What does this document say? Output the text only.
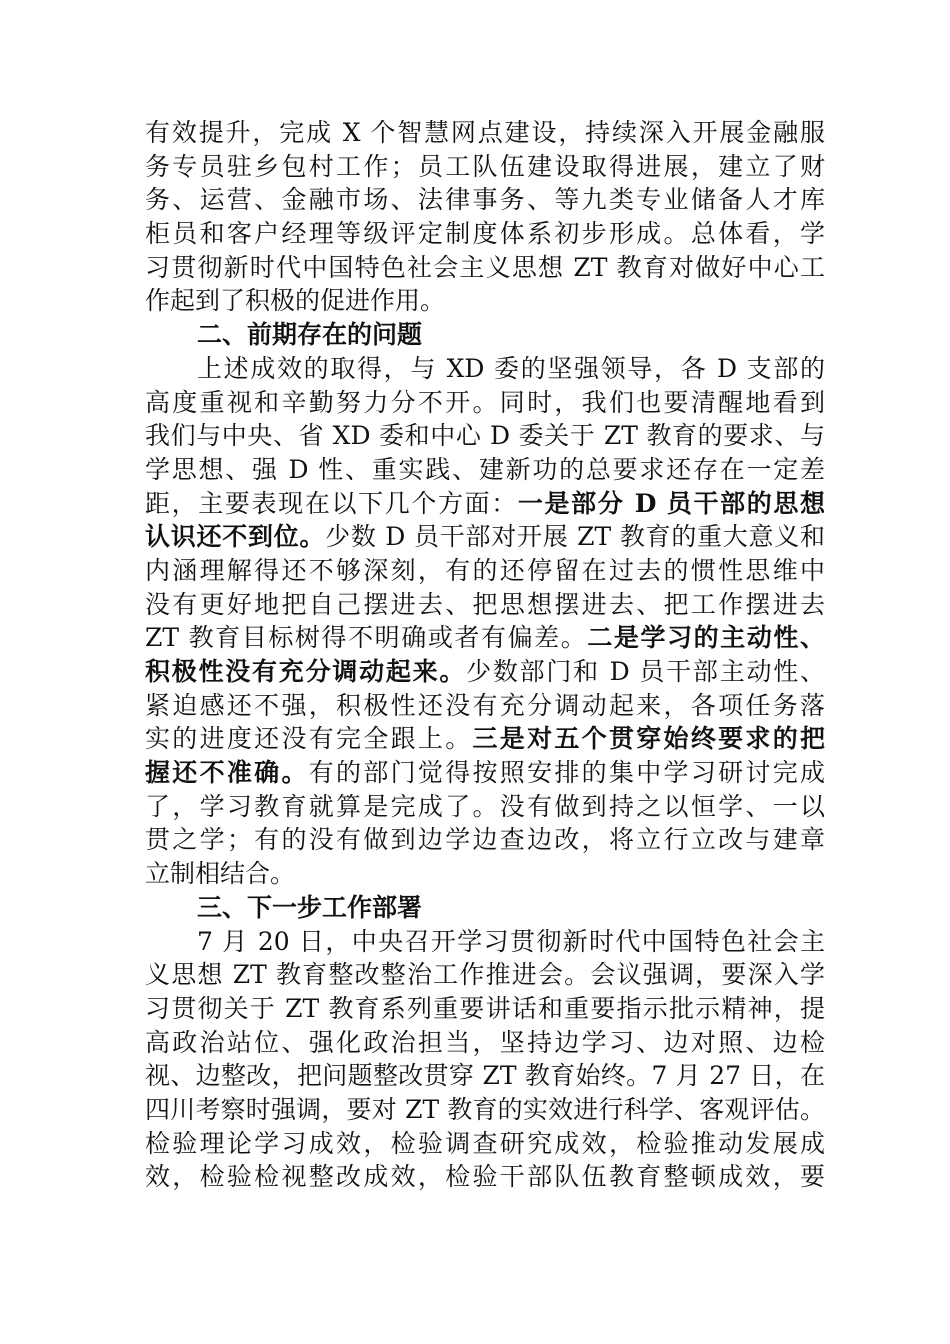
有效提升，完成 X 个智慧网点建设，持续深入开展金融服
务专员驻乡包村工作；员工队伍建设取得进展，建立了财
务、运营、金融市场、法律事务、等九类专业储备人才库
柜员和客户经理等级评定制度体系初步形成。总体看，学
习贯彻新时代中国特色社会主义思想 ZT 教育对做好中心工
作起到了积极的促进作用。
二、前期存在的问题
上述成效的取得，与 XD 委的坚强领导，各 D 支部的
高度重视和辛勤努力分不开。同时，我们也要清醒地看到
我们与中央、省 XD 委和中心 D 委关于 ZT 教育的要求、与
学思想、强 D 性、重实践、建新功的总要求还存在一定差
距，主要表现在以下几个方面：一是部分 D 员干部的思想
认识还不到位。少数 D 员干部对开展 ZT 教育的重大意义和
内涵理解得还不够深刻，有的还停留在过去的惯性思维中
没有更好地把自己摆进去、把思想摆进去、把工作摆进去
ZT 教育目标树得不明确或者有偏差。二是学习的主动性、
积极性没有充分调动起来。少数部门和 D 员干部主动性、
紧迫感还不强，积极性还没有充分调动起来，各项任务落
实的进度还没有完全跟上。三是对五个贯穿始终要求的把
握还不准确。有的部门觉得按照安排的集中学习研讨完成
了，学习教育就算是完成了。没有做到持之以恒学、一以
贯之学；有的没有做到边学边查边改，将立行立改与建章
立制相结合。
三、下一步工作部署
7 月 20 日，中央召开学习贯彻新时代中国特色社会主
义思想 ZT 教育整改整治工作推进会。会议强调，要深入学
习贯彻关于 ZT 教育系列重要讲话和重要指示批示精神，提
高政治站位、强化政治担当，坚持边学习、边对照、边检
视、边整改，把问题整改贯穿 ZT 教育始终。7 月 27 日，在
四川考察时强调，要对 ZT 教育的实效进行科学、客观评估。
检验理论学习成效，检验调查研究成效，检验推动发展成
效，检验检视整改成效，检验干部队伍教育整顿成效，要
